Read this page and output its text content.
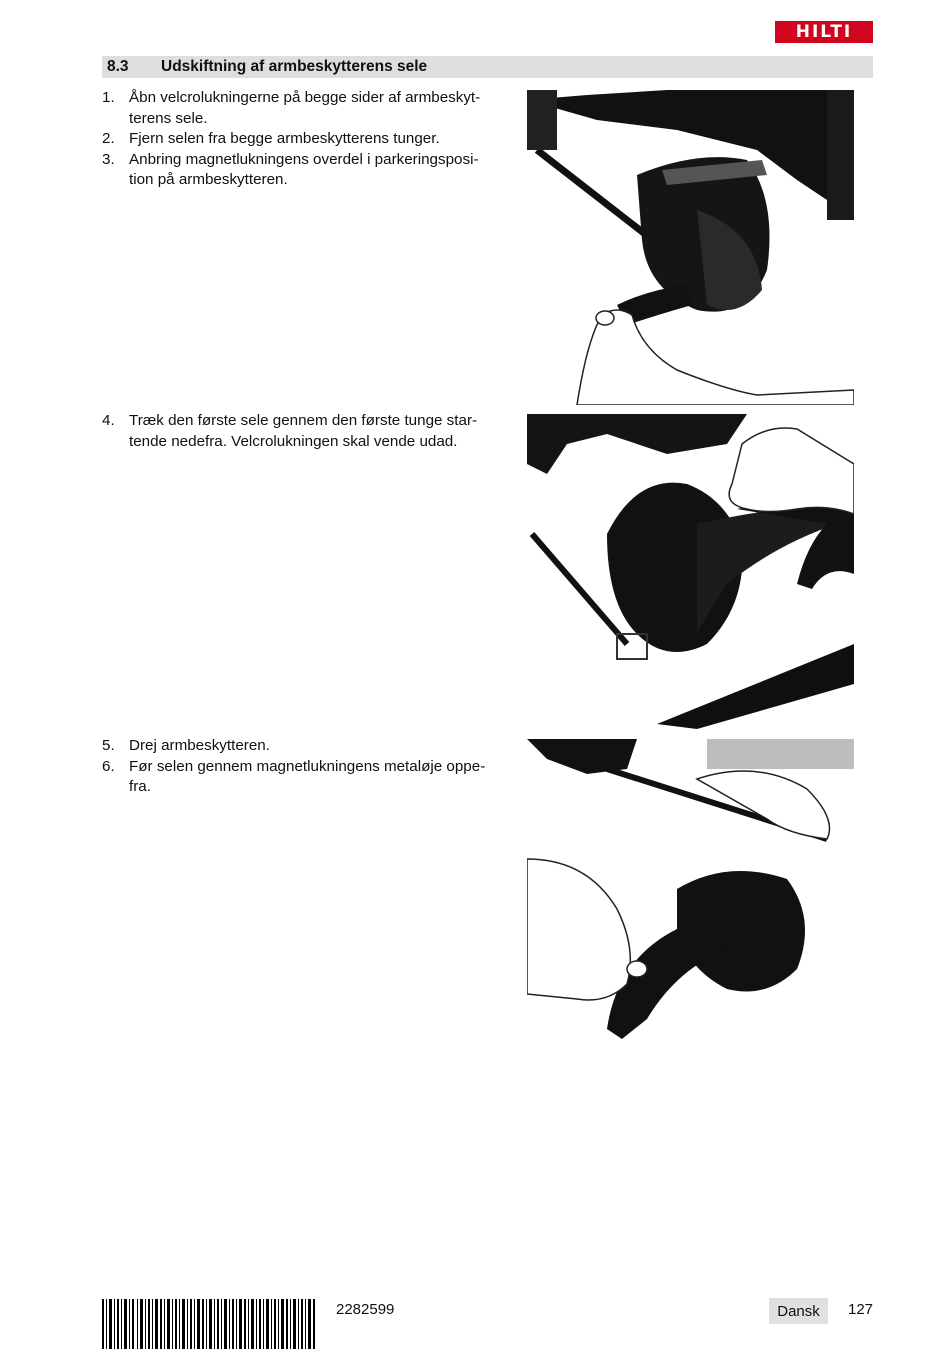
HILTI
8.3 Udskiftning af armbeskytterens sele
1. Åbn velcrolukningerne på begge sider af armbeskyt-
terens sele.
2. Fjern selen fra begge armbeskytterens tunger.
3. Anbring magnetlukningens overdel i parkeringsposi-
tion på armbeskytteren.
4. Træk den første sele gennem den første tunge star-
tende nedefra. Velcrolukningen skal vende udad.
5. Drej armbeskytteren.
6. Før selen gennem magnetlukningens metaløje oppe-
fra.
2282599	Dansk 127
